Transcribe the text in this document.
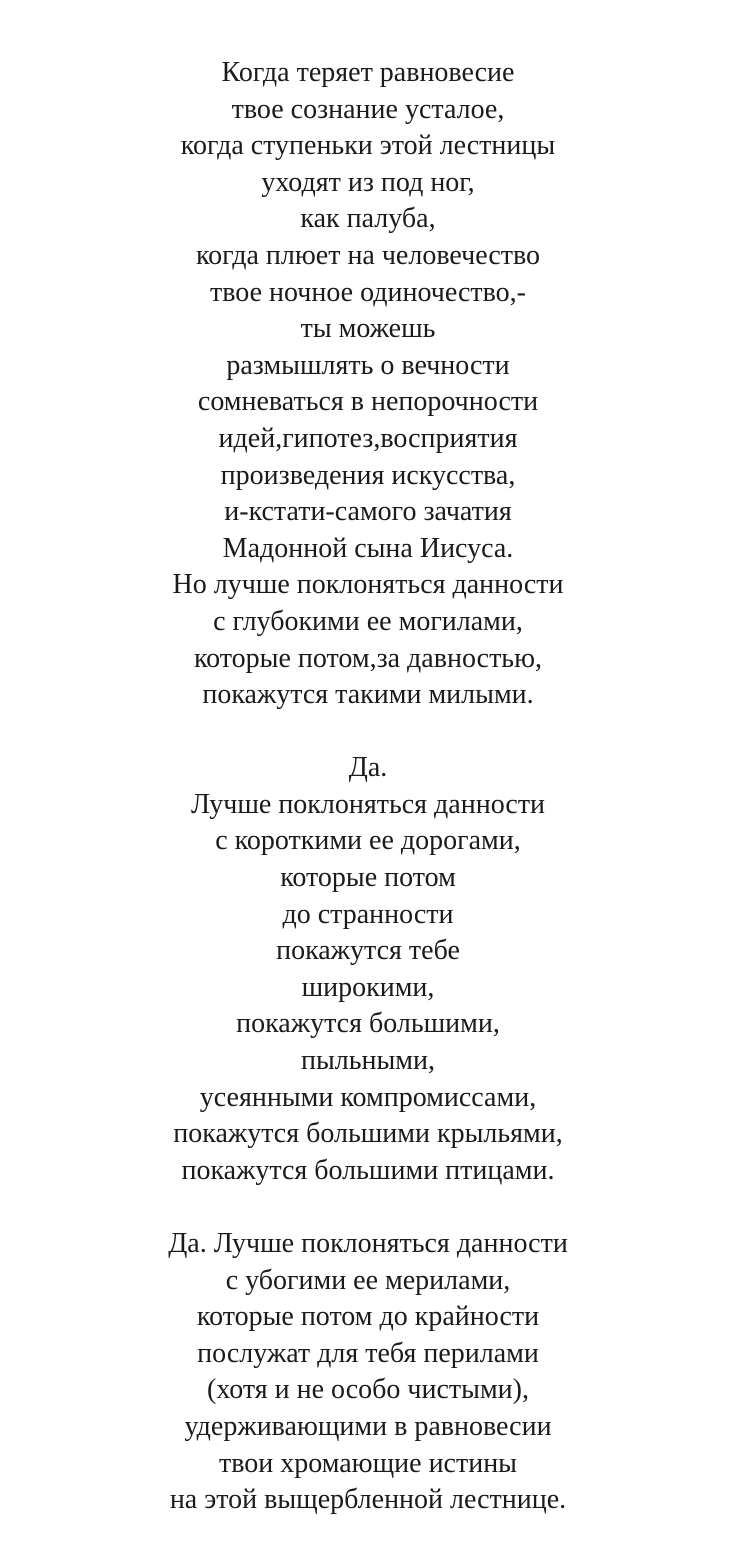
Когда теряет равновесие
твое сознание усталое,
когда ступеньки этой лестницы
уходят из под ног,
как палуба,
когда плюет на человечество
твое ночное одиночество,-
ты можешь
размышлять о вечности
сомневаться в непорочности
идей,гипотез,восприятия
произведения искусства,
и-кстати-самого зачатия
Мадонной сына Иисуса.
Но лучше поклоняться данности
с глубокими ее могилами,
которые потом,за давностью,
покажутся такими милыми.
Да.
Лучше поклоняться данности
с короткими ее дорогами,
которые потом
до странности
покажутся тебе
широкими,
покажутся большими,
пыльными,
усеянными компромиссами,
покажутся большими крыльями,
покажутся большими птицами.
Да. Лучше поклоняться данности
с убогими ее мерилами,
которые потом до крайности
послужат для тебя перилами
(хотя и не особо чистыми),
удерживающими в равновесии
твои хромающие истины
на этой выщербленной лестнице.
